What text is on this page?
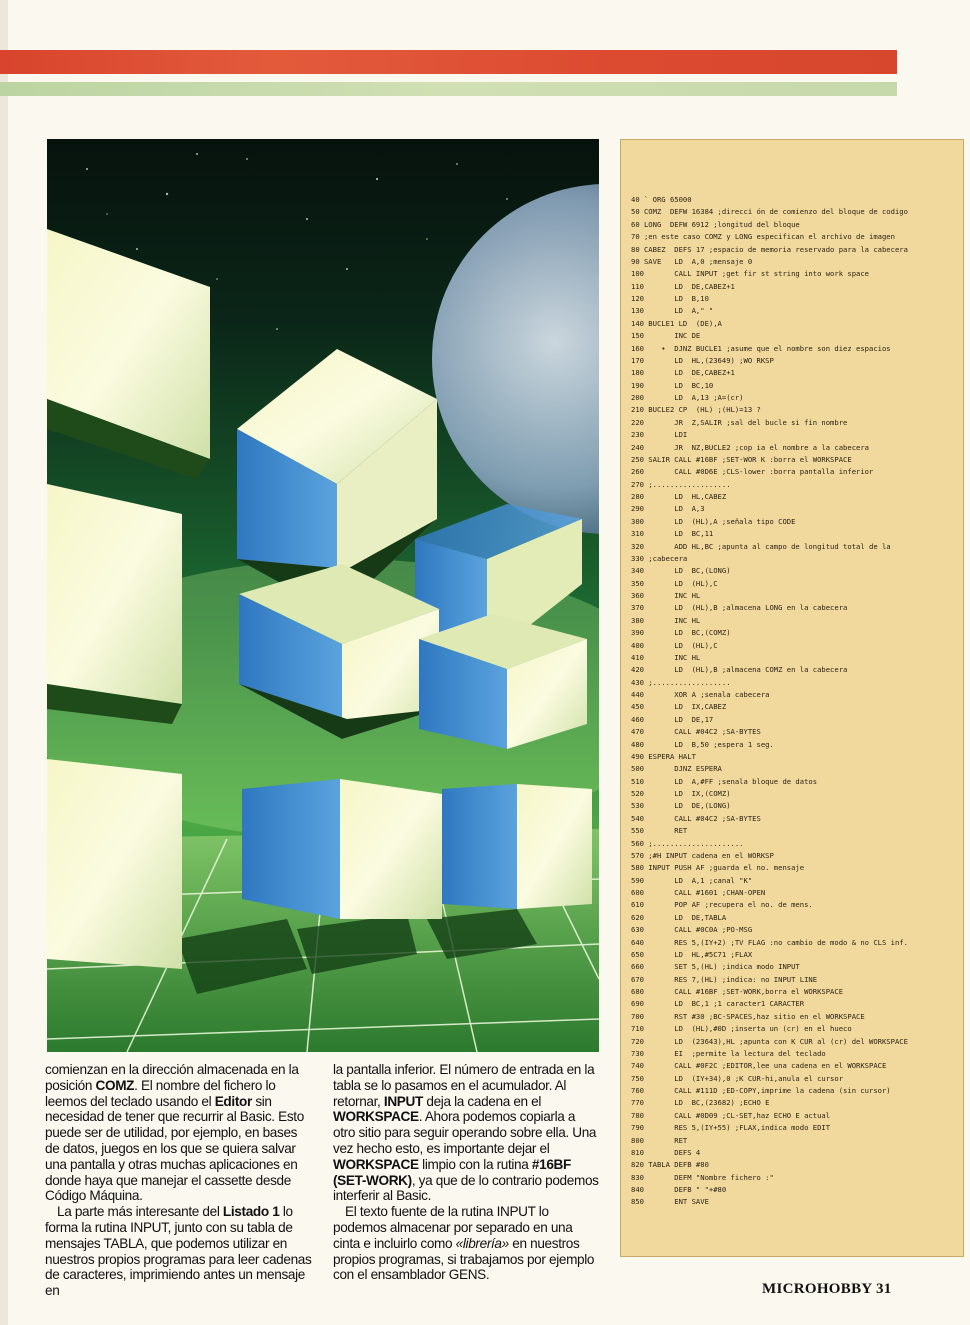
40 ` ORG 65000
50 COMZ  DEFW 16384 ;direcci ón de comienzo del bloque de codigo
60 LONG  DEFW 6912 ;longitud del bloque
70 ;en este caso COMZ y LONG especifican el archivo de imagen
80 CABEZ  DEFS 17 ;espacio de memoria reservado para la cabecera
90 SAVE   LD  A,0 ;mensaje 0
100       CALL INPUT ;get fir st string into work space
110       LD  DE,CABEZ+1
120       LD  B,10
130       LD  A," "
140 BUCLE1 LD  (DE),A
150       INC DE
160    •  DJNZ BUCLE1 ;asume que el nombre son diez espacios
170       LD  HL,(23649) ;WO RKSP
180       LD  DE,CABEZ+1
190       LD  BC,10
200       LD  A,13 ;A=(cr)
210 BUCLE2 CP  (HL) ;(HL)=13 ?
220       JR  Z,SALIR ;sal del bucle si fin nombre
230       LDI
240       JR  NZ,BUCLE2 ;cop ia el nombre a la cabecera
250 SALIR CALL #16BF ;SET-WOR K :borra el WORKSPACE
260       CALL #0D6E ;CLS-lower :borra pantalla inferior
270 ;..................
280       LD  HL,CABEZ
290       LD  A,3
300       LD  (HL),A ;señala tipo CODE
310       LD  BC,11
320       ADD HL,BC ;apunta al campo de longitud total de la
330 ;cabecera
340       LD  BC,(LONG)
350       LD  (HL),C
360       INC HL
370       LD  (HL),B ;almacena LONG en la cabecera
380       INC HL
390       LD  BC,(COMZ)
400       LD  (HL),C
410       INC HL
420       LD  (HL),B ;almacena COMZ en la cabecera
430 ;..................
440       XOR A ;senala cabecera
450       LD  IX,CABEZ
460       LD  DE,17
470       CALL #04C2 ;SA-BYTES
480       LD  B,50 ;espera 1 seg.
490 ESPERA HALT
500       DJNZ ESPERA
510       LD  A,#FF ;senala bloque de datos
520       LD  IX,(COMZ)
530       LD  DE,(LONG)
540       CALL #04C2 ;SA-BYTES
550       RET
560 ;.....................
570 ;#H INPUT cadena en el WORKSP
580 INPUT PUSH AF ;guarda el no. mensaje
590       LD  A,1 ;canal "K"
600       CALL #1601 ;CHAN-OPEN
610       POP AF ;recupera el no. de mens.
620       LD  DE,TABLA
630       CALL #0C0A ;PO-MSG
640       RES 5,(IY+2) ;TV FLAG :no cambio de modo & no CLS inf.
650       LD  HL,#5C71 ;FLAX
660       SET 5,(HL) ;indica modo INPUT
670       RES 7,(HL) ;indica: no INPUT LINE
680       CALL #16BF ;SET-WORK,borra el WORKSPACE
690       LD  BC,1 ;1 caracter1 CARACTER
700       RST #30 ;BC-SPACES,haz sitio en el WORKSPACE
710       LD  (HL),#0D ;inserta un (cr) en el hueco
720       LD  (23643),HL ;apunta con K CUR al (cr) del WORKSPACE
730       EI  ;permite la lectura del teclado
740       CALL #0F2C ;EDITOR,lee una cadena en el WORKSPACE
750       LD  (IY+34),0 ;K CUR-hi,anula el cursor
760       CALL #111D ;ED-COPY,imprime la cadena (sin cursor)
770       LD  BC,(23682) ;ECHO E
780       CALL #0D09 ;CL-SET,haz ECHO E actual
790       RES 5,(IY+55) ;FLAX,indica modo EDIT
800       RET
810       DEFS 4
820 TABLA DEFB #80
830       DEFM "Nombre fichero :"
840       DEFB " "+#80
850       ENT SAVE

comienzan en la dirección almacenada en la posición COMZ. El nombre del fichero lo leemos del teclado usando el Editor sin necesidad de tener que recurrir al Basic. Esto puede ser de utilidad, por ejemplo, en bases de datos, juegos en los que se quiera salvar una pantalla y otras muchas aplicaciones en donde haya que manejar el cassette desde Código Máquina.

La parte más interesante del Listado 1 lo forma la rutina INPUT, junto con su tabla de mensajes TABLA, que podemos utilizar en nuestros propios programas para leer cadenas de caracteres, imprimiendo antes un mensaje en

la pantalla inferior. El número de entrada en la tabla se lo pasamos en el acumulador. Al retornar, INPUT deja la cadena en el WORKSPACE. Ahora podemos copiarla a otro sitio para seguir operando sobre ella. Una vez hecho esto, es importante dejar el WORKSPACE limpio con la rutina #16BF (SET-WORK), ya que de lo contrario podemos interferir al Basic.

El texto fuente de la rutina INPUT lo podemos almacenar por separado en una cinta e incluirlo como «librería» en nuestros propios programas, si trabajamos por ejemplo con el ensamblador GENS.

MICROHOBBY 31
